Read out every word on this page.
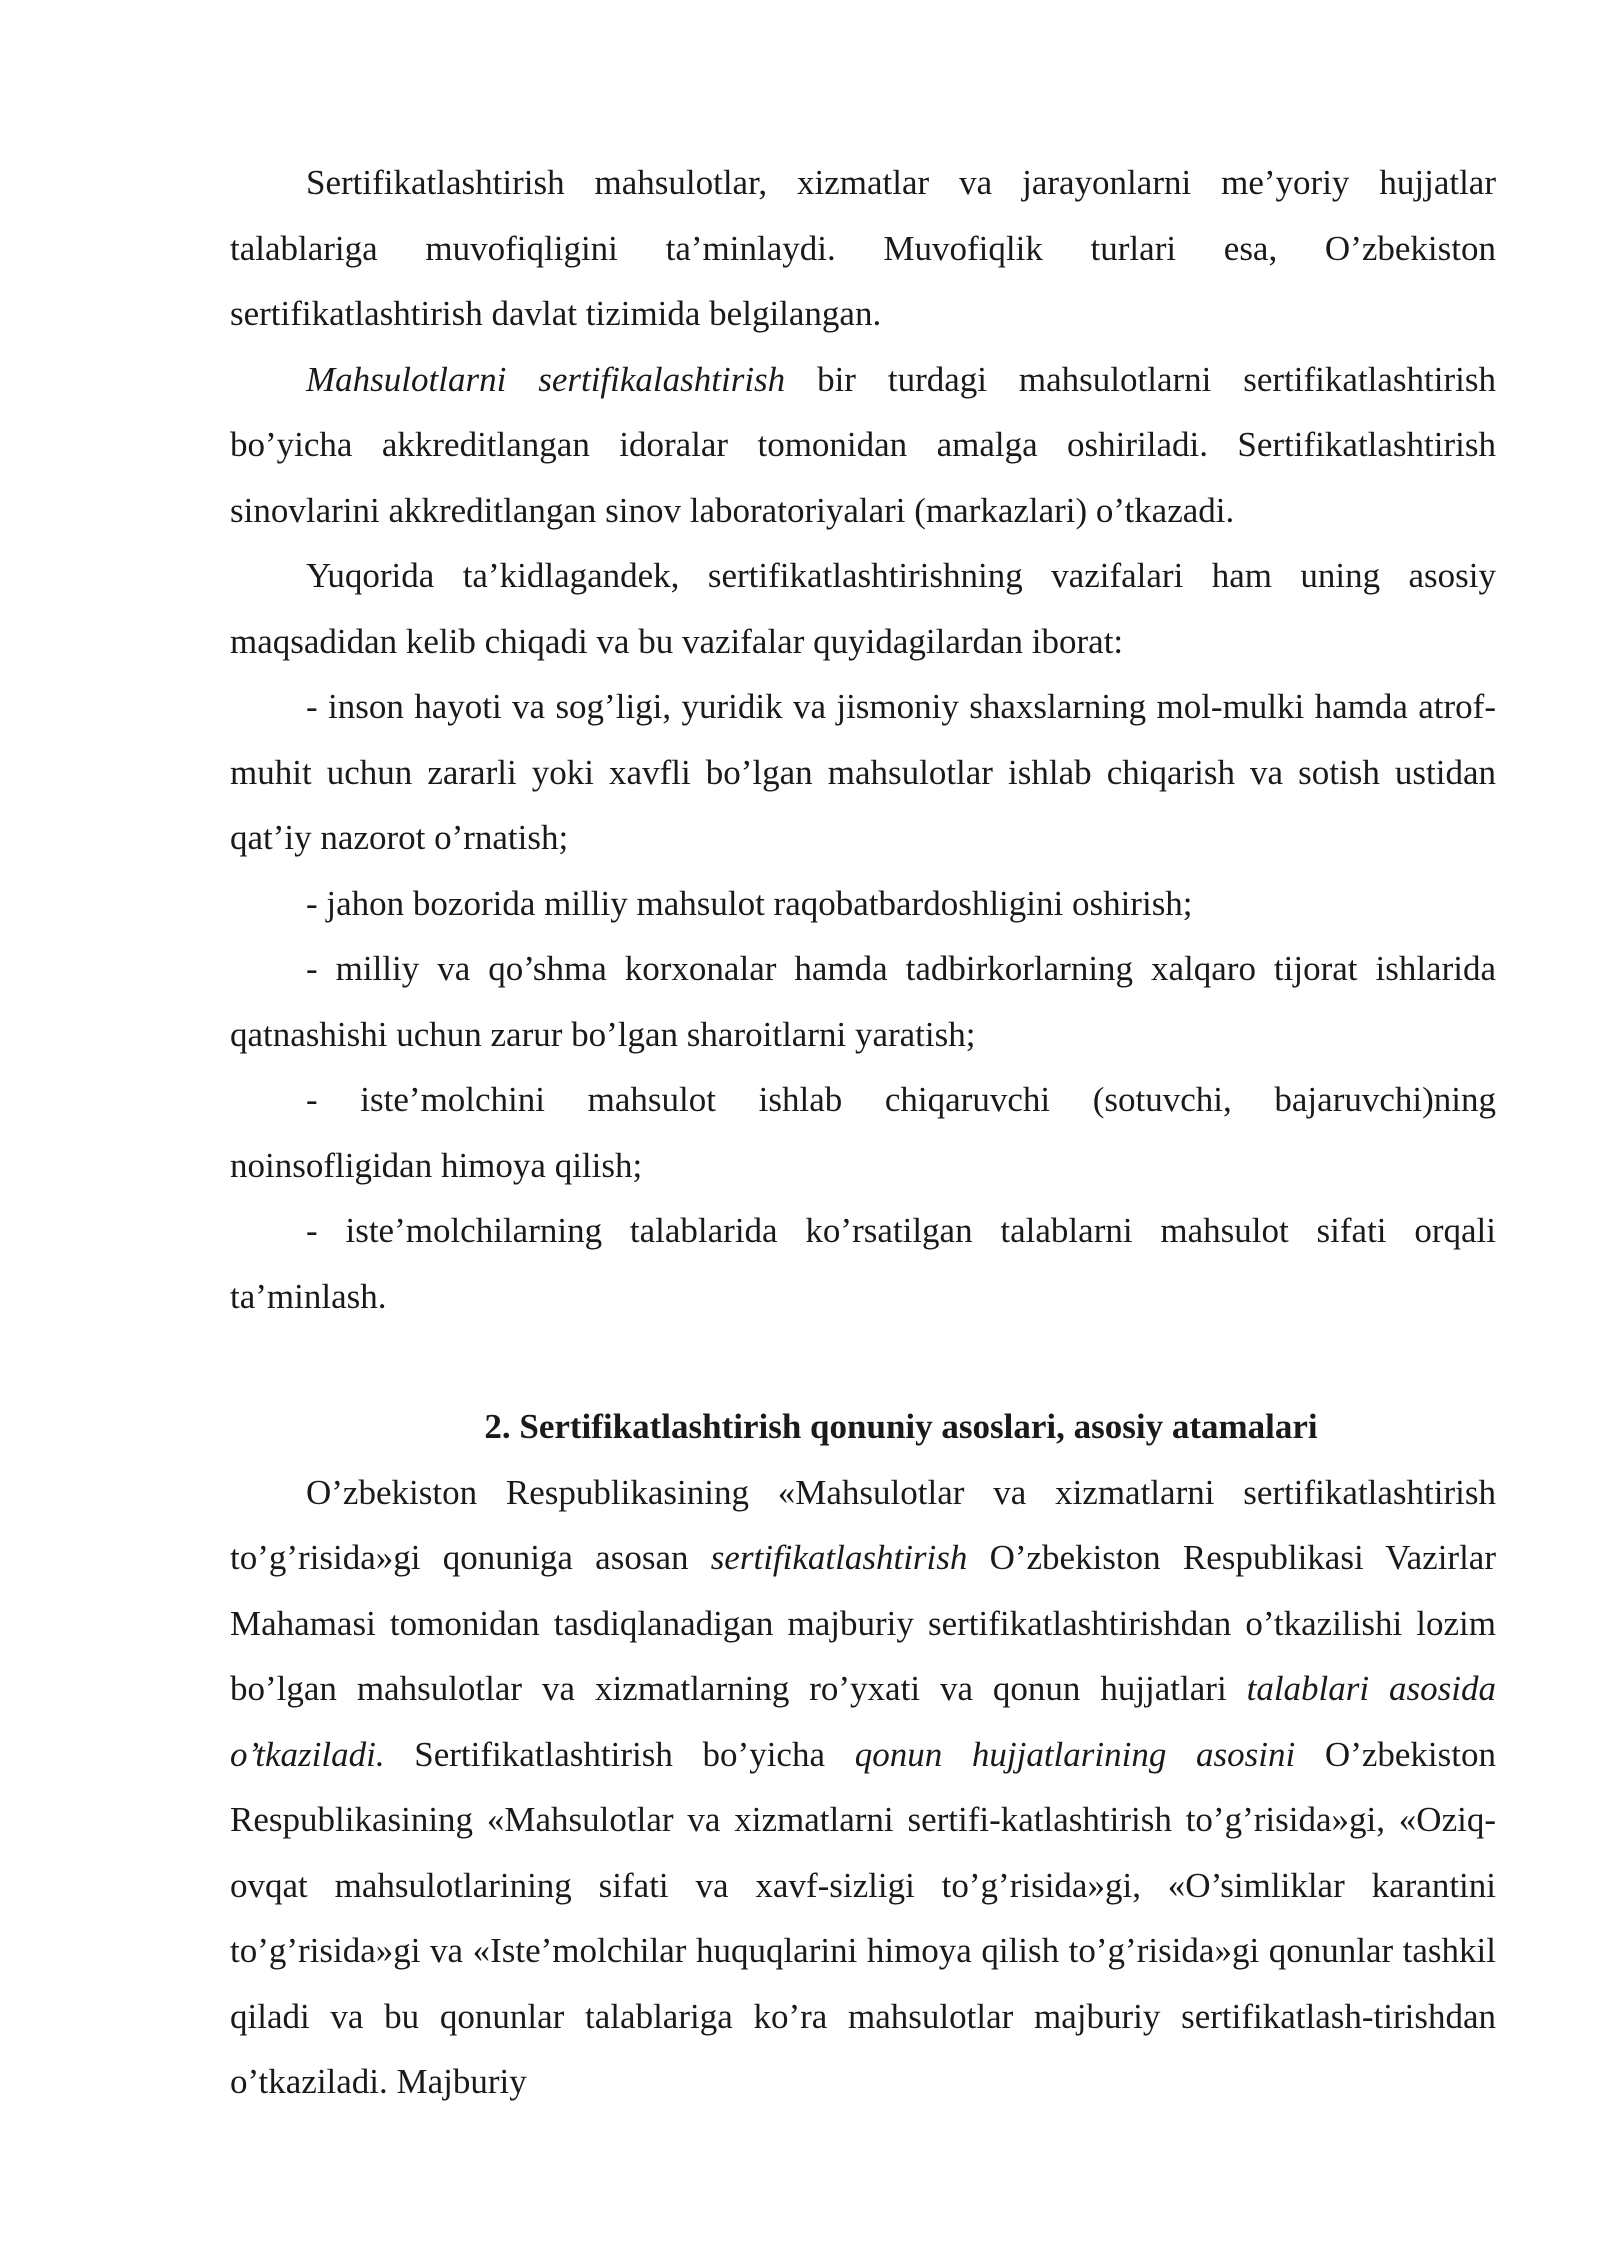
Sertifikatlashtirish mahsulotlar, xizmatlar va jarayonlarni me’yoriy hujjatlar talablariga muvofiqligini ta’minlaydi. Muvofiqlik turlari esa, O’zbekiston sertifikatlashtirish davlat tizimida belgilangan.

Mahsulotlarni sertifikalashtirish bir turdagi mahsulotlarni sertifikatlashtirish bo’yicha akkreditlangan idoralar tomonidan amalga oshiriladi. Sertifikatlashtirish sinovlarini akkreditlangan sinov laboratoriyalari (markazlari) o’tkazadi.

Yuqorida ta’kidlagandek, sertifikatlashtirishning vazifalari ham uning asosiy maqsadidan kelib chiqadi va bu vazifalar quyidagilardan iborat:

- inson hayoti va sog’ligi, yuridik va jismoniy shaxslarning mol-mulki hamda atrof-muhit uchun zararli yoki xavfli bo’lgan mahsulotlar ishlab chiqarish va sotish ustidan qat’iy nazorot o’rnatish;

- jahon bozorida milliy mahsulot raqobatbardoshligini oshirish;

- milliy va qo’shma korxonalar hamda tadbirkorlarning xalqaro tijorat ishlarida qatnashishi uchun zarur bo’lgan sharoitlarni yaratish;

- iste’molchini mahsulot ishlab chiqaruvchi (sotuvchi, bajaruvchi)ning noinsofligidan himoya qilish;

- iste’molchilarning talablarida ko’rsatilgan talablarni mahsulot sifati orqali ta’minlash.

2. Sertifikatlashtirish qonuniy asoslari, asosiy atamalari

O’zbekiston Respublikasining «Mahsulotlar va xizmatlarni sertifikatlashtirish to’g’risida»gi qonuniga asosan sertifikatlashtirish O’zbekiston Respublikasi Vazirlar Mahamasi tomonidan tasdiqlanadigan majburiy sertifikatlashtirishdan o’tkazilishi lozim bo’lgan mahsulotlar va xizmatlarning ro’yxati va qonun hujjatlari talablari asosida o’tkaziladi. Sertifikatlashtirish bo’yicha qonun hujjatlarining asosini O’zbekiston Respublikasining «Mahsulotlar va xizmatlarni sertifi-katlashtirish to’g’risida»gi, «Oziq-ovqat mahsulotlarining sifati va xavf-sizligi to’g’risida»gi, «O’simliklar karantini to’g’risida»gi va «Iste’molchilar huquqlarini himoya qilish to’g’risida»gi qonunlar tashkil qiladi va bu qonunlar talablariga ko’ra mahsulotlar majburiy sertifikatlash-tirishdan o’tkaziladi. Majburiy
